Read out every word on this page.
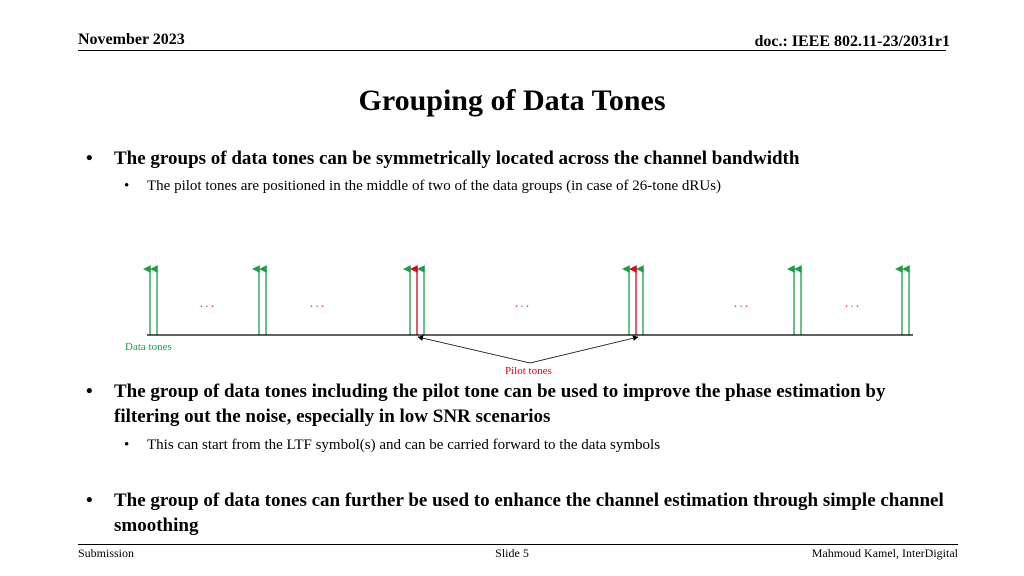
November 2023	doc.: IEEE 802.11-23/2031r1
Grouping of Data Tones
• The groups of data tones can be symmetrically located across the channel bandwidth
• The pilot tones are positioned in the middle of two of the data groups (in case of 26-tone dRUs)
...	...	...	...	...
Data tones
Pilot tones
• The group of data tones including the pilot tone can be used to improve the phase estimation by filtering out the noise, especially in low SNR scenarios
• This can start from the LTF symbol(s) and can be carried forward to the data symbols
• The group of data tones can further be used to enhance the channel estimation through simple channel smoothing
Submission	Slide 5	Mahmoud Kamel, InterDigital
